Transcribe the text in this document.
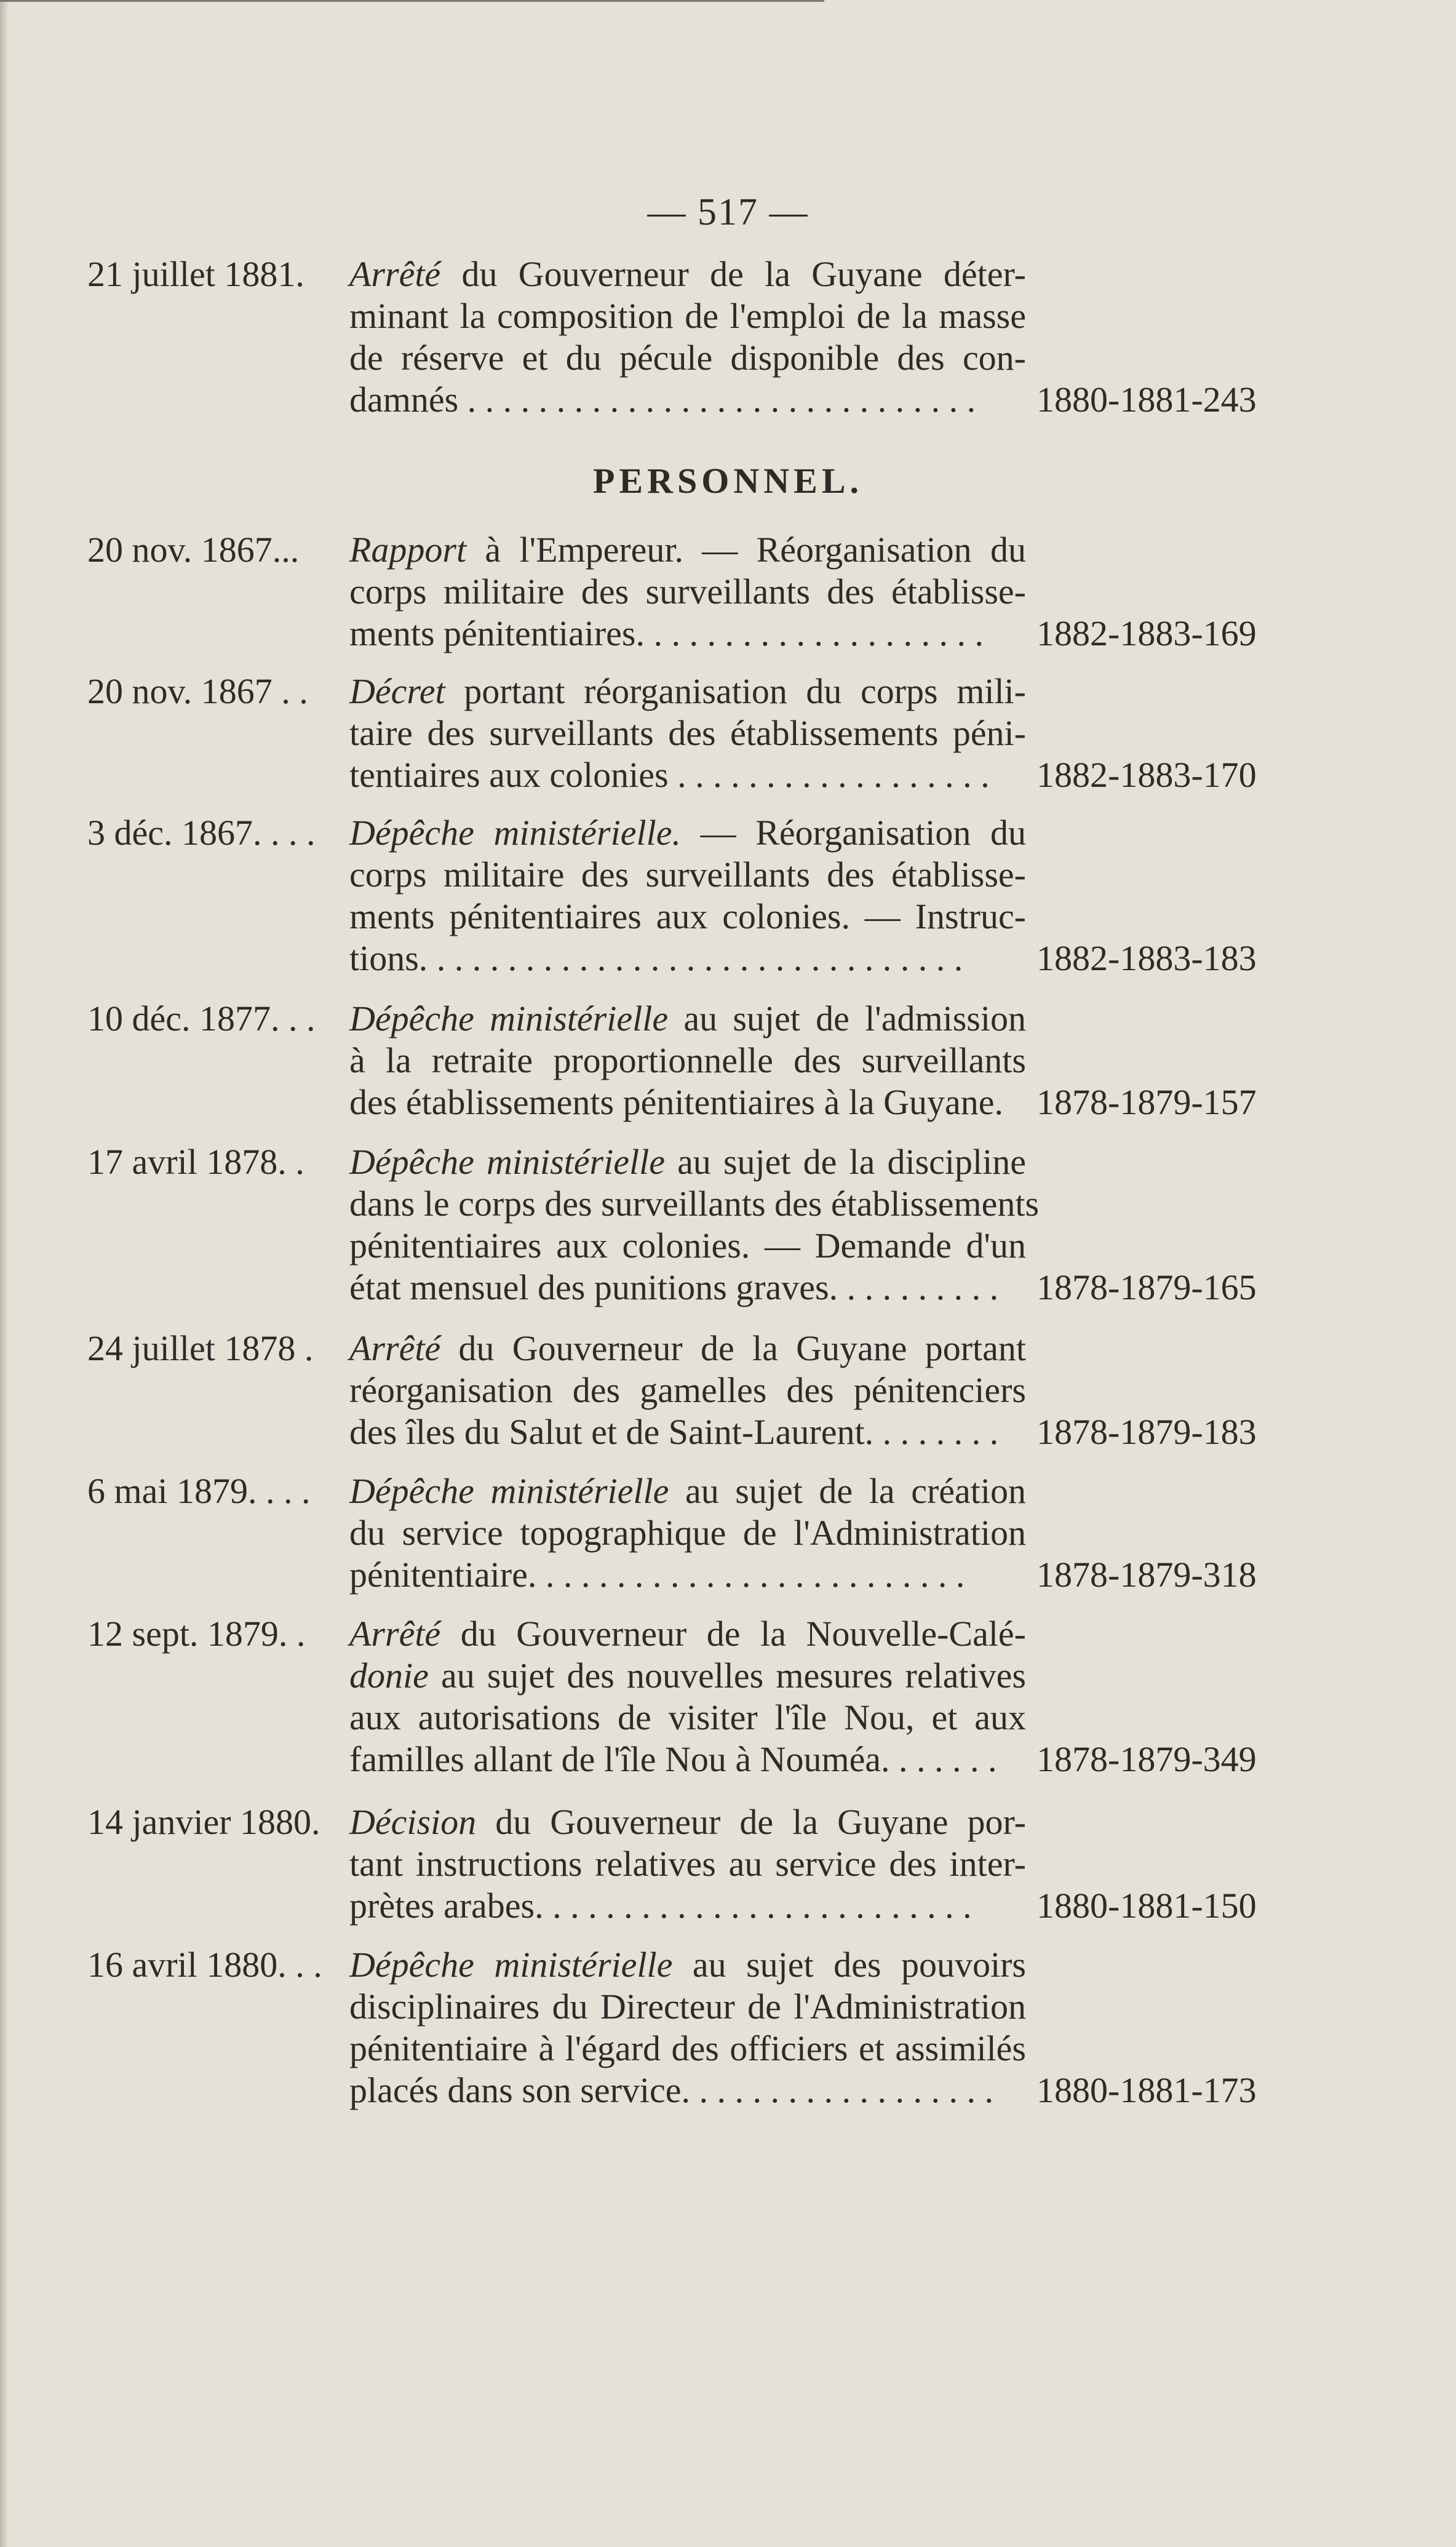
— 517 —
PERSONNEL.
21 juillet 1881.	Arrêté du Gouverneur de la Guyane déter-
minant la composition de l'emploi de la masse
de réserve et du pécule disponible des con-
damnés . . . . . . . . . . . . . . . . . . . . . . . . . . . . .	1880-1881-243
20 nov. 1867...	Rapport à l'Empereur. — Réorganisation du
corps militaire des surveillants des établisse-
ments pénitentiaires. . . . . . . . . . . . . . . . . . . .	1882-1883-169
20 nov. 1867 . .	Décret portant réorganisation du corps mili-
taire des surveillants des établissements péni-
tentiaires aux colonies . . . . . . . . . . . . . . . . . .	1882-1883-170
3 déc. 1867. . . . Dépêche ministérielle. — Réorganisation du
corps militaire des surveillants des établisse-
ments pénitentiaires aux colonies. — Instruc-
tions. . . . . . . . . . . . . . . . . . . . . . . . . . . . . . .	1882-1883-183
10 déc. 1877. . . Dépêche ministérielle au sujet de l'admission
à la retraite proportionnelle des surveillants
des établissements pénitentiaires à la Guyane. 1878-1879-157
17 avril 1878. .	Dépêche ministérielle au sujet de la discipline
dans le corps des surveillants des établissements
pénitentiaires aux colonies. — Demande d'un
état mensuel des punitions graves. . . . . . . . . .	1878-1879-165
24 juillet 1878 .	Arrêté du Gouverneur de la Guyane portant
réorganisation des gamelles des pénitenciers
des îles du Salut et de Saint-Laurent. . . . . . . .	1878-1879-183
6 mai 1879. . . .	Dépêche ministérielle au sujet de la création
du service topographique de l'Administration
pénitentiaire. . . . . . . . . . . . . . . . . . . . . . . . .	1878-1879-318
12 sept. 1879. .	Arrêté du Gouverneur de la Nouvelle-Calé-
donie au sujet des nouvelles mesures relatives
aux autorisations de visiter l'île Nou, et aux
familles allant de l'île Nou à Nouméa. . . . . . .	1878-1879-349
14 janvier 1880. Décision du Gouverneur de la Guyane por-
tant instructions relatives au service des inter-
prètes arabes. . . . . . . . . . . . . . . . . . . . . . . . .	1880-1881-150
16 avril 1880. . . Dépêche ministérielle au sujet des pouvoirs
disciplinaires du Directeur de l'Administration
pénitentiaire à l'égard des officiers et assimilés
placés dans son service. . . . . . . . . . . . . . . . . .	1880-1881-173
